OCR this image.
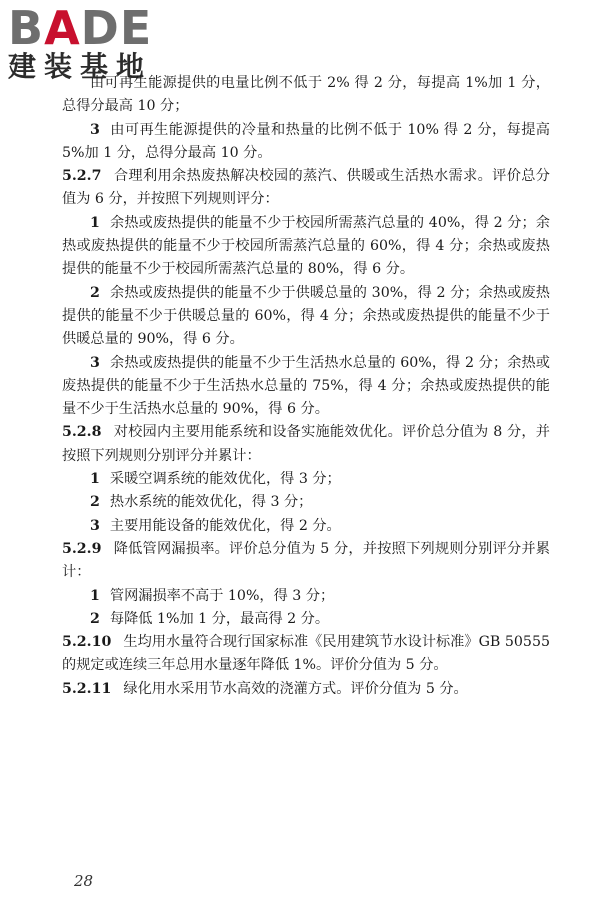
BADE
建装基地

由可再生能源提供的电量比例不低于 2% 得 2 分，每提高 1%加 1 分，总得分最高 10 分；

3 由可再生能源提供的冷量和热量的比例不低于 10% 得 2 分，每提高 5%加 1 分，总得分最高 10 分。

5.2.7 合理利用余热废热解决校园的蒸汽、供暖或生活热水需求。评价总分值为 6 分，并按照下列规则评分：

1 余热或废热提供的能量不少于校园所需蒸汽总量的 40%，得 2 分；余热或废热提供的能量不少于校园所需蒸汽总量的 60%，得 4 分；余热或废热提供的能量不少于校园所需蒸汽总量的 80%，得 6 分。

2 余热或废热提供的能量不少于供暖总量的 30%，得 2 分；余热或废热提供的能量不少于供暖总量的 60%，得 4 分；余热或废热提供的能量不少于供暖总量的 90%，得 6 分。

3 余热或废热提供的能量不少于生活热水总量的 60%，得 2 分；余热或废热提供的能量不少于生活热水总量的 75%，得 4 分；余热或废热提供的能量不少于生活热水总量的 90%，得 6 分。

5.2.8 对校园内主要用能系统和设备实施能效优化。评价总分值为 8 分，并按照下列规则分别评分并累计：

1 采暖空调系统的能效优化，得 3 分；

2 热水系统的能效优化，得 3 分；

3 主要用能设备的能效优化，得 2 分。

5.2.9 降低管网漏损率。评价总分值为 5 分，并按照下列规则分别评分并累计：

1 管网漏损率不高于 10%，得 3 分；

2 每降低 1%加 1 分，最高得 2 分。

5.2.10 生均用水量符合现行国家标准《民用建筑节水设计标准》GB 50555 的规定或连续三年总用水量逐年降低 1%。评价分值为 5 分。

5.2.11 绿化用水采用节水高效的浇灌方式。评价分值为 5 分。

28
